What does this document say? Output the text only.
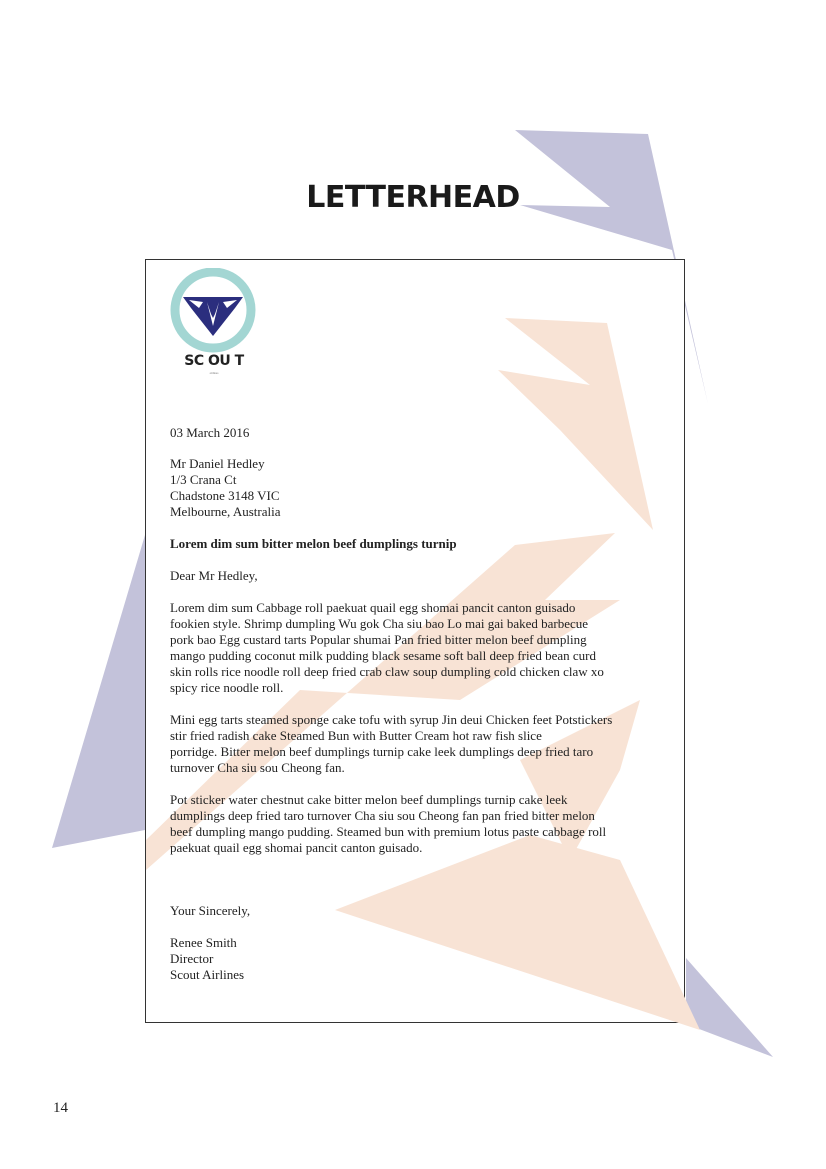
LETTERHEAD
SC OU T
airlines
03 March 2016
Mr Daniel Hedley
1/3 Crana Ct
Chadstone 3148 VIC
Melbourne, Australia
Lorem dim sum bitter melon beef dumplings turnip
Dear Mr Hedley,
Lorem dim sum Cabbage roll paekuat quail egg shomai pancit canton guisado
fookien style. Shrimp dumpling Wu gok Cha siu bao Lo mai gai baked barbecue
pork bao Egg custard tarts Popular shumai Pan fried bitter melon beef dumpling
mango pudding coconut milk pudding black sesame soft ball deep fried bean curd
skin rolls rice noodle roll deep fried crab claw soup dumpling cold chicken claw xo
spicy rice noodle roll.
Mini egg tarts steamed sponge cake tofu with syrup Jin deui Chicken feet Potstickers
stir fried radish cake Steamed Bun with Butter Cream hot raw fish slice
porridge. Bitter melon beef dumplings turnip cake leek dumplings deep fried taro
turnover Cha siu sou Cheong fan.
Pot sticker water chestnut cake bitter melon beef dumplings turnip cake leek
dumplings deep fried taro turnover Cha siu sou Cheong fan pan fried bitter melon
beef dumpling mango pudding. Steamed bun with premium lotus paste cabbage roll
paekuat quail egg shomai pancit canton guisado.
Your Sincerely,
Renee Smith
Director
Scout Airlines
14
